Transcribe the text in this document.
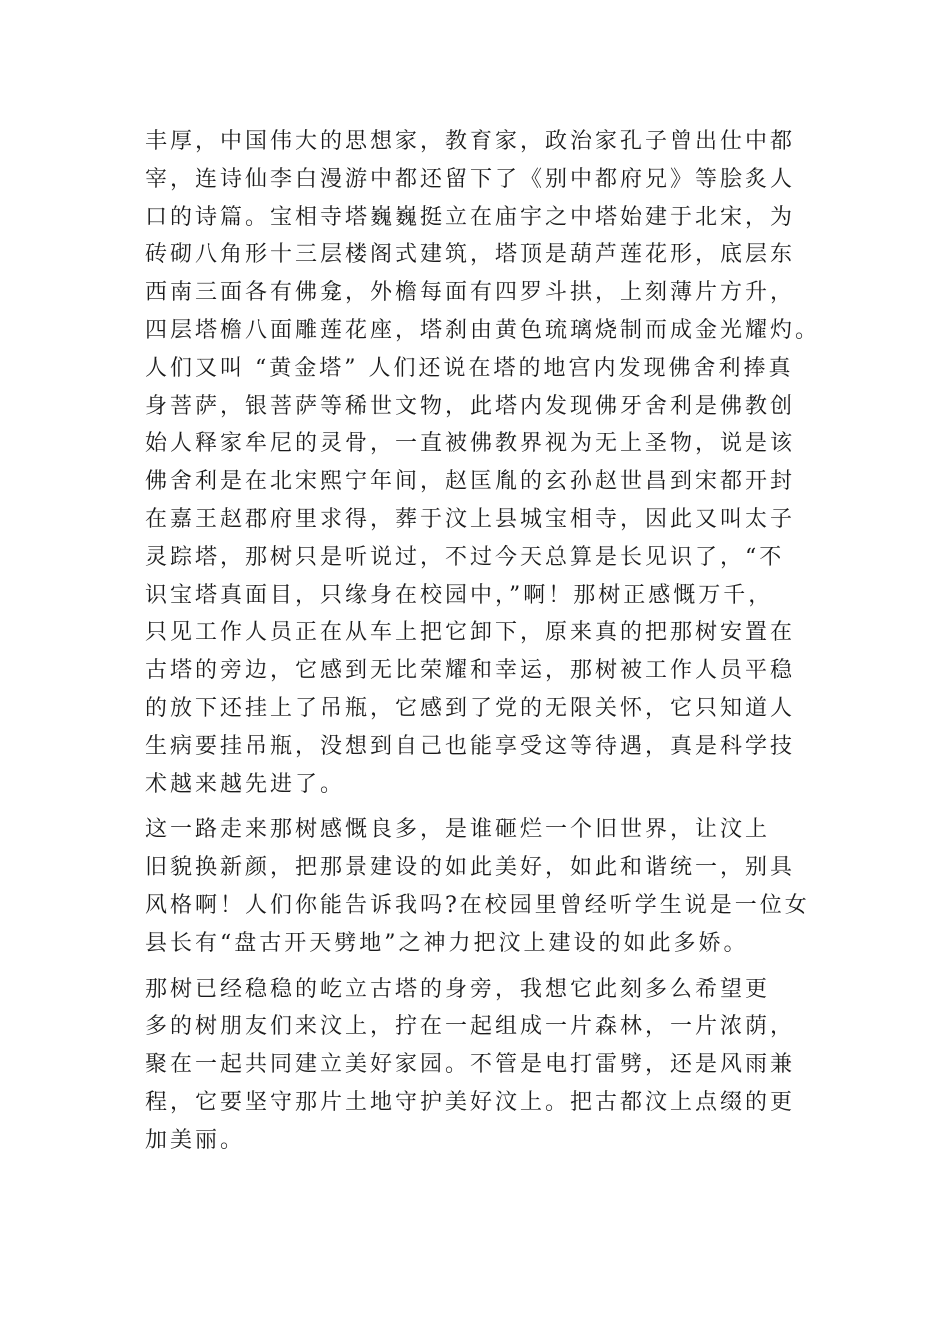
丰厚，中国伟大的思想家，教育家，政治家孔子曾出仕中都
宰，连诗仙李白漫游中都还留下了《别中都府兄》等脍炙人
口的诗篇。宝相寺塔巍巍挺立在庙宇之中塔始建于北宋，为
砖砌八角形十三层楼阁式建筑，塔顶是葫芦莲花形，底层东
西南三面各有佛龛，外檐每面有四罗斗拱，上刻薄片方升，
四层塔檐八面雕莲花座，塔刹由黄色琉璃烧制而成金光耀灼。
人们又叫 “黄金塔” 人们还说在塔的地宫内发现佛舍利捧真
身菩萨，银菩萨等稀世文物，此塔内发现佛牙舍利是佛教创
始人释家牟尼的灵骨，一直被佛教界视为无上圣物，说是该
佛舍利是在北宋熙宁年间，赵匡胤的玄孙赵世昌到宋都开封
在嘉王赵郡府里求得，葬于汶上县城宝相寺，因此又叫太子
灵踪塔，那树只是听说过，不过今天总算是长见识了，“不
识宝塔真面目，只缘身在校园中，”啊！那树正感慨万千，
只见工作人员正在从车上把它卸下，原来真的把那树安置在
古塔的旁边，它感到无比荣耀和幸运，那树被工作人员平稳
的放下还挂上了吊瓶，它感到了党的无限关怀，它只知道人
生病要挂吊瓶，没想到自己也能享受这等待遇，真是科学技
术越来越先进了。
这一路走来那树感慨良多，是谁砸烂一个旧世界，让汶上
旧貌换新颜，把那景建设的如此美好，如此和谐统一，别具
风格啊！人们你能告诉我吗?在校园里曾经听学生说是一位女
县长有“盘古开天劈地”之神力把汶上建设的如此多娇。
那树已经稳稳的屹立古塔的身旁，我想它此刻多么希望更
多的树朋友们来汶上，拧在一起组成一片森林，一片浓荫，
聚在一起共同建立美好家园。不管是电打雷劈，还是风雨兼
程，它要坚守那片土地守护美好汶上。把古都汶上点缀的更
加美丽。
